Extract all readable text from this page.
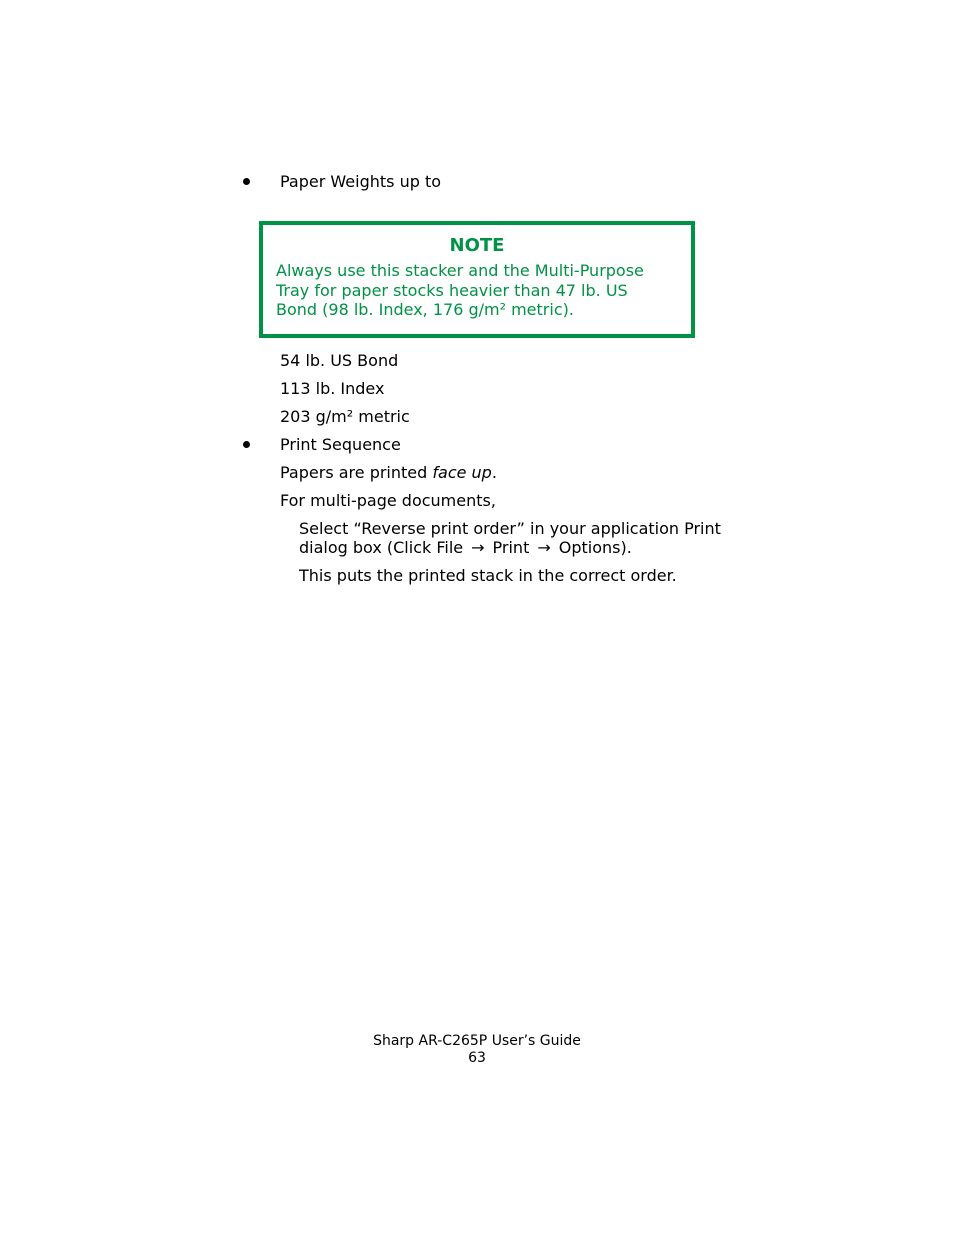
Paper Weights up to
NOTE
Always use this stacker and the Multi-Purpose
Tray for paper stocks heavier than 47 lb. US
Bond (98 lb. Index, 176 g/m² metric).
54 lb. US Bond
113 lb. Index
203 g/m² metric
Print Sequence
Papers are printed face up.
For multi-page documents,
Select “Reverse print order” in your application Print
dialog box (Click File → Print → Options).
This puts the printed stack in the correct order.
Sharp AR-C265P User’s Guide
63
